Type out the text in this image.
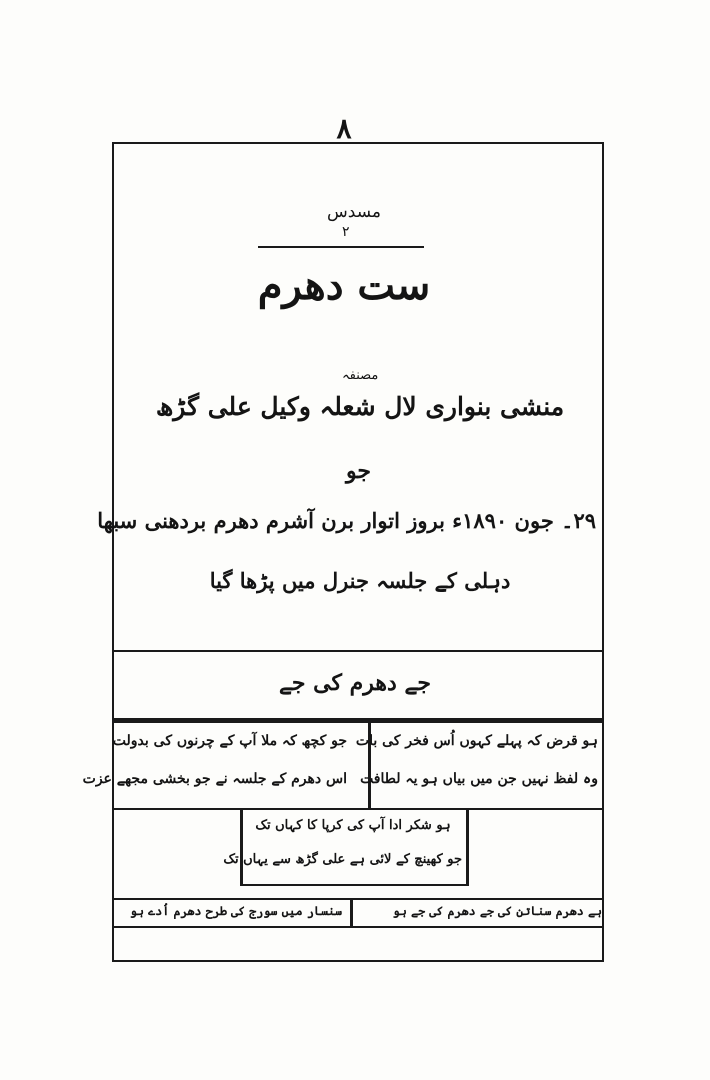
۸
مسدس
۲
ست دھرم
مصنفہ
منشی بنواری لال شعلہ وکیل علی گڑھ
جو
۲۹۔ جون ۱۸۹۰ء بروز اتوار برن آشرم دھرم بردھنی سبھا
دہلی کے جلسہ جنرل میں پڑھا گیا
جے دھرم کی جے
ہو قرض کہ پہلے کہوں اُس فخر کی بات
وہ لفظ نہیں جن میں بیاں ہو یہ لطافت
جو کچھ کہ ملا آپ کے چرنوں کی بدولت
اس دھرم کے جلسہ نے جو بخشی مجھے عزت
ہو شکر ادا آپ کی کرپا کا کہاں تک
جو کھینچ کے لائی ہے علی گڑھ سے یہاں تک
ہے دھرم سناتن کی جے دھرم کی جے ہو
سنسار میں سورج کی طرح دھرم اُدے ہو
